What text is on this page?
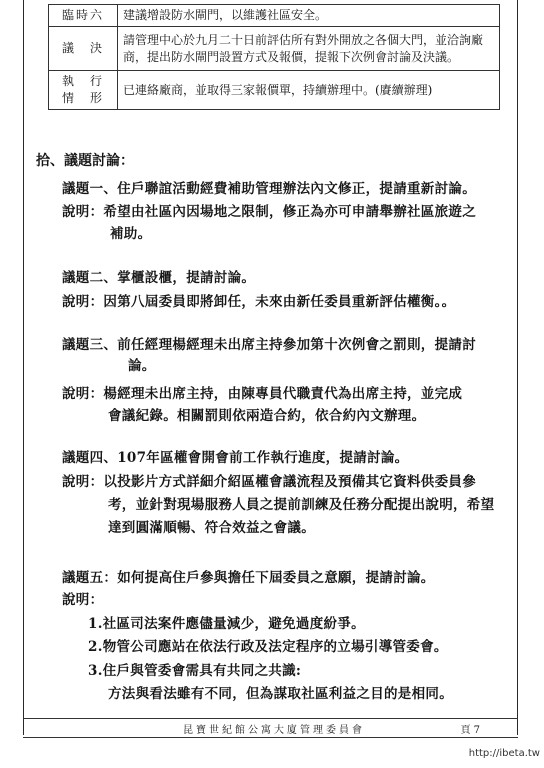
臨時六	建議增設防水閘門，以維護社區安全。
議　決	請管理中心於九月二十日前評估所有對外開放之各個大門，並洽詢廠商，提出防水閘門設置方式及報價，提報下次例會討論及決議。
執　行
情　形	已連絡廠商，並取得三家報價單，持續辦理中。(賡續辦理)
拾、議題討論：
議題一、住戶聯誼活動經費補助管理辦法內文修正，提請重新討論。
說明：希望由社區內因場地之限制，修正為亦可申請舉辦社區旅遊之
補助。
議題二、掌櫃設櫃，提請討論。
說明：因第八屆委員即將卸任，未來由新任委員重新評估權衡。。
議題三、前任經理楊經理未出席主持參加第十次例會之罰則，提請討
論。
說明：楊經理未出席主持，由陳專員代職責代為出席主持，並完成
會議紀錄。相關罰則依兩造合約，依合約內文辦理。
議題四、107年區權會開會前工作執行進度，提請討論。
說明：以投影片方式詳細介紹區權會議流程及預備其它資料供委員參
考，並針對現場服務人員之提前訓練及任務分配提出說明，希望
達到圓滿順暢、符合效益之會議。
議題五：如何提高住戶參與擔任下屆委員之意願，提請討論。
說明：
1.社區司法案件應儘量減少，避免過度紛爭。
2.物管公司應站在依法行政及法定程序的立場引導管委會。
3.住戶與管委會需具有共同之共識:
方法與看法雖有不同，但為謀取社區利益之目的是相同。
昆寶世紀館公寓大廈管理委員會	頁 7
http://ibeta.tw
